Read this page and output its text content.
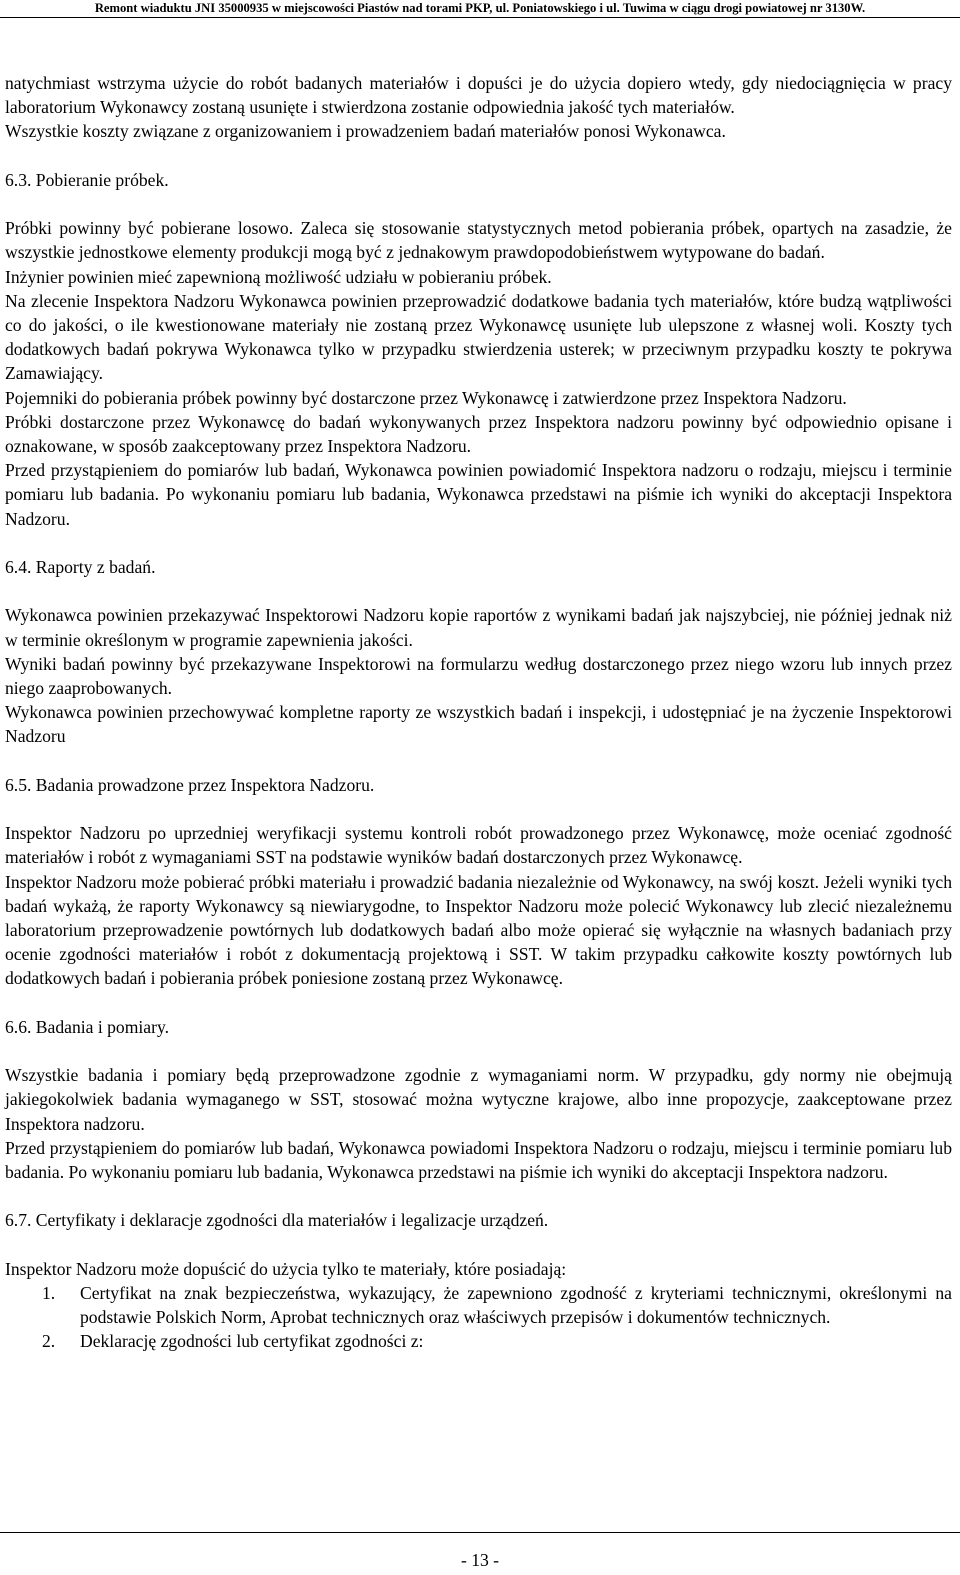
Remont wiaduktu JNI 35000935 w miejscowości Piastów nad torami PKP, ul. Poniatowskiego i ul. Tuwima w ciągu drogi powiatowej nr 3130W.

natychmiast wstrzyma użycie do robót badanych materiałów i dopuści je do użycia dopiero wtedy, gdy niedociągnięcia w pracy laboratorium Wykonawcy zostaną usunięte i stwierdzona zostanie odpowiednia jakość tych materiałów.

Wszystkie koszty związane z organizowaniem i prowadzeniem badań materiałów ponosi Wykonawca.

6.3. Pobieranie próbek.

Próbki powinny być pobierane losowo. Zaleca się stosowanie statystycznych metod pobierania próbek, opartych na zasadzie, że wszystkie jednostkowe elementy produkcji mogą być z jednakowym prawdopodobieństwem wytypowane do badań.

Inżynier powinien mieć zapewnioną możliwość udziału w pobieraniu próbek.

Na zlecenie Inspektora Nadzoru Wykonawca powinien przeprowadzić dodatkowe badania tych materiałów, które budzą wątpliwości co do jakości, o ile kwestionowane materiały nie zostaną przez Wykonawcę usunięte lub ulepszone z własnej woli. Koszty tych dodatkowych badań pokrywa Wykonawca tylko w przypadku stwierdzenia usterek; w przeciwnym przypadku koszty te pokrywa Zamawiający.

Pojemniki do pobierania próbek powinny być dostarczone przez Wykonawcę i zatwierdzone przez Inspektora Nadzoru.

Próbki dostarczone przez Wykonawcę do badań wykonywanych przez Inspektora nadzoru powinny być odpowiednio opisane i oznakowane, w sposób zaakceptowany przez Inspektora Nadzoru.

Przed przystąpieniem do pomiarów lub badań, Wykonawca powinien powiadomić Inspektora nadzoru o rodzaju, miejscu i terminie pomiaru lub badania. Po wykonaniu pomiaru lub badania, Wykonawca przedstawi na piśmie ich wyniki do akceptacji Inspektora Nadzoru.

6.4. Raporty z badań.

Wykonawca powinien przekazywać Inspektorowi Nadzoru kopie raportów z wynikami badań jak najszybciej, nie później jednak niż w terminie określonym w programie zapewnienia jakości.

Wyniki badań powinny być przekazywane Inspektorowi na formularzu według dostarczonego przez niego wzoru lub innych przez niego zaaprobowanych.

Wykonawca powinien przechowywać kompletne raporty ze wszystkich badań i inspekcji, i udostępniać je na życzenie Inspektorowi Nadzoru

6.5. Badania prowadzone przez Inspektora Nadzoru.

Inspektor Nadzoru po uprzedniej weryfikacji systemu kontroli robót prowadzonego przez Wykonawcę, może oceniać zgodność materiałów i robót z wymaganiami SST na podstawie wyników badań dostarczonych przez Wykonawcę.

Inspektor Nadzoru może pobierać próbki materiału i prowadzić badania niezależnie od Wykonawcy, na swój koszt. Jeżeli wyniki tych badań wykażą, że raporty Wykonawcy są niewiarygodne, to Inspektor Nadzoru może polecić Wykonawcy lub zlecić niezależnemu laboratorium przeprowadzenie powtórnych lub dodatkowych badań albo może opierać się wyłącznie na własnych badaniach przy ocenie zgodności materiałów i robót z dokumentacją projektową i SST. W takim przypadku całkowite koszty powtórnych lub dodatkowych badań i pobierania próbek poniesione zostaną przez Wykonawcę.

6.6. Badania i pomiary.

Wszystkie badania i pomiary będą przeprowadzone zgodnie z wymaganiami norm. W przypadku, gdy normy nie obejmują jakiegokolwiek badania wymaganego w SST, stosować można wytyczne krajowe, albo inne propozycje, zaakceptowane przez Inspektora nadzoru.

Przed przystąpieniem do pomiarów lub badań, Wykonawca powiadomi Inspektora Nadzoru o rodzaju, miejscu i terminie pomiaru lub badania. Po wykonaniu pomiaru lub badania, Wykonawca przedstawi na piśmie ich wyniki do akceptacji Inspektora nadzoru.

6.7. Certyfikaty i deklaracje zgodności dla materiałów i legalizacje urządzeń.

Inspektor Nadzoru może dopuścić do użycia tylko te materiały, które posiadają:

1. Certyfikat na znak bezpieczeństwa, wykazujący, że zapewniono zgodność z kryteriami technicznymi, określonymi na podstawie Polskich Norm, Aprobat technicznych oraz właściwych przepisów i dokumentów technicznych.
2. Deklarację zgodności lub certyfikat zgodności z:
- 13 -
